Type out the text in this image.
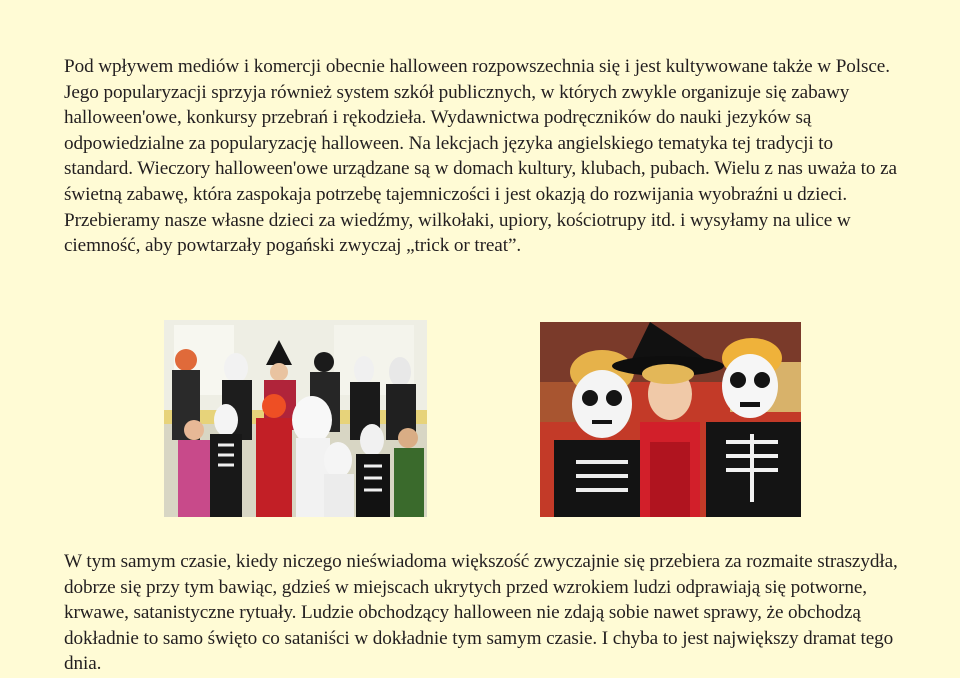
Pod wpływem mediów i komercji obecnie halloween rozpowszechnia się i jest kultywowane także w Polsce. Jego popularyzacji sprzyja również system szkół publicznych, w których zwykle organizuje się zabawy halloween'owe, konkursy przebrań i rękodzieła. Wydawnictwa podręczników do nauki jezyków są odpowiedzialne za popularyzację halloween. Na lekcjach języka angielskiego tematyka tej tradycji to standard. Wieczory halloween'owe urządzane są w domach kultury, klubach, pubach. Wielu z nas uważa to za świetną zabawę, która zaspokaja potrzebę tajemniczości i jest okazją do rozwijania wyobraźni u dzieci. Przebieramy nasze własne dzieci za wiedźmy, wilkołaki, upiory, kościotrupy itd. i wysyłamy na ulice w ciemność, aby powtarzały pogański zwyczaj „trick or treat”.

W tym samym czasie, kiedy niczego nieświadoma większość zwyczajnie się przebiera za rozmaite straszydła, dobrze się przy tym bawiąc, gdzieś w miejscach ukrytych przed wzrokiem ludzi odprawiają się potworne, krwawe, satanistyczne rytuały. Ludzie obchodzący halloween nie zdają sobie nawet sprawy, że obchodzą dokładnie to samo święto co sataniści w dokładnie tym samym czasie. I chyba to jest największy dramat tego dnia.
